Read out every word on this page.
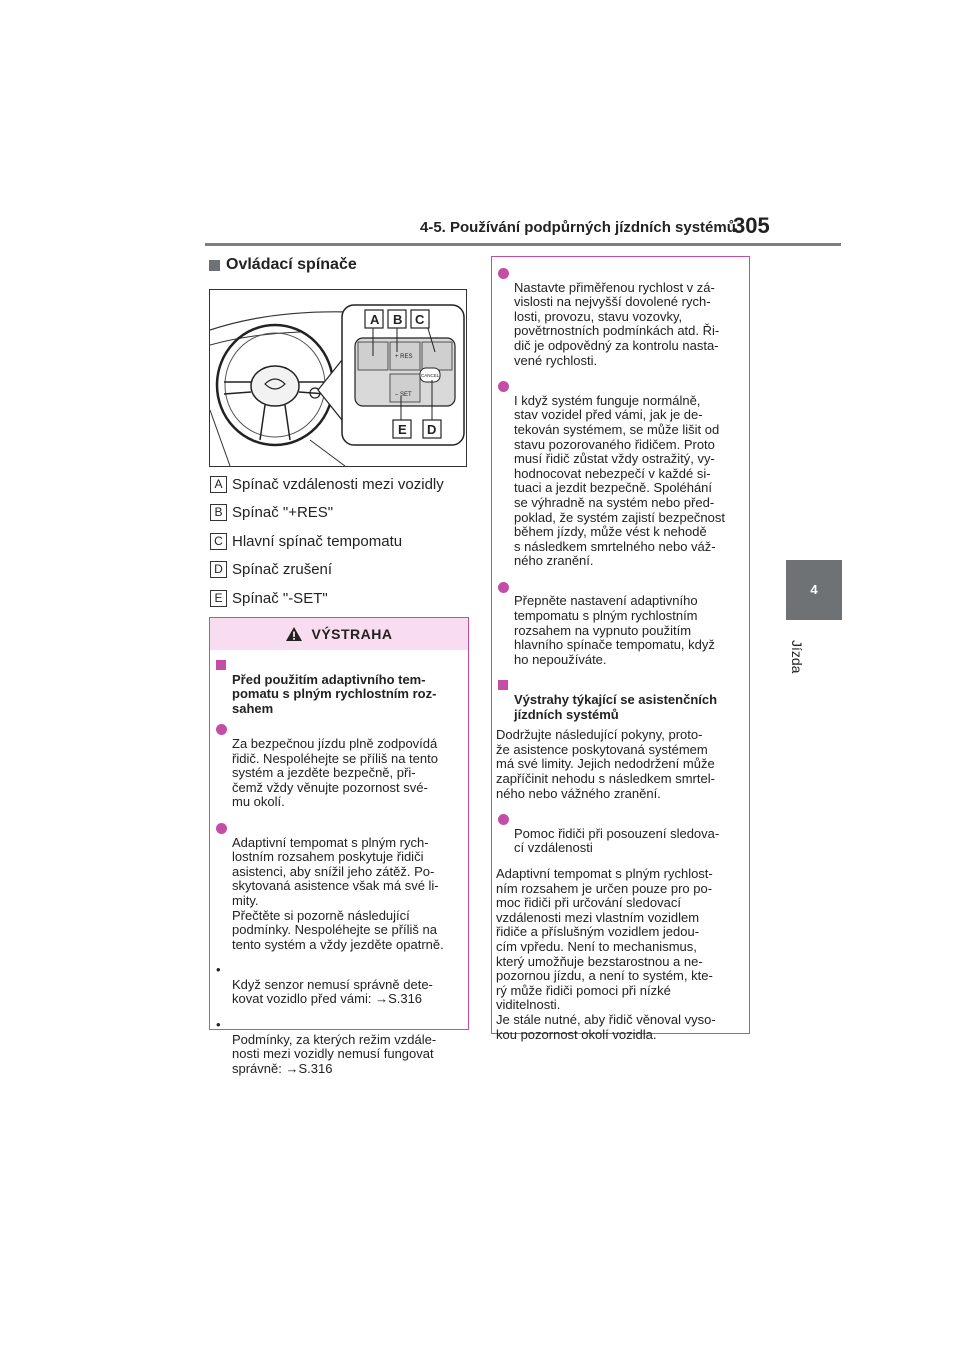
4-5. Používání podpůrných jízdních systémů
305
4
Jízda
Ovládací spínače
+ RES
– SET
CANCEL
A B C
E D
A Spínač vzdálenosti mezi vozidly
B Spínač "+RES"
C Hlavní spínač tempomatu
D Spínač zrušení
E Spínač "-SET"
VÝSTRAHA

Před použitím adaptivního tem-
pomatu s plným rychlostním roz-
sahem

Za bezpečnou jízdu plně zodpovídá
řidič. Nespoléhejte se příliš na tento
systém a jezděte bezpečně, při-
čemž vždy věnujte pozornost své-
mu okolí.

Adaptivní tempomat s plným rych-
lostním rozsahem poskytuje řidiči
asistenci, aby snížil jeho zátěž. Po-
skytovaná asistence však má své li-
mity.
Přečtěte si pozorně následující
podmínky. Nespoléhejte se příliš na
tento systém a vždy jezděte opatrně.

•
Když senzor nemusí správně dete-
kovat vozidlo před vámi: →S.316

•
Podmínky, za kterých režim vzdále-
nosti mezi vozidly nemusí fungovat
správně: →S.316

Nastavte přiměřenou rychlost v zá-
vislosti na nejvyšší dovolené rych-
losti, provozu, stavu vozovky,
povětrnostních podmínkách atd. Ři-
dič je odpovědný za kontrolu nasta-
vené rychlosti.

I když systém funguje normálně,
stav vozidel před vámi, jak je de-
tekován systémem, se může lišit od
stavu pozorovaného řidičem. Proto
musí řidič zůstat vždy ostražitý, vy-
hodnocovat nebezpečí v každé si-
tuaci a jezdit bezpečně. Spoléhání
se výhradně na systém nebo před-
poklad, že systém zajistí bezpečnost
během jízdy, může vést k nehodě
s následkem smrtelného nebo váž-
ného zranění.

Přepněte nastavení adaptivního
tempomatu s plným rychlostním
rozsahem na vypnuto použitím
hlavního spínače tempomatu, když
ho nepoužíváte.

Výstrahy týkající se asistenčních
jízdních systémů

Dodržujte následující pokyny, proto-
že asistence poskytovaná systémem
má své limity. Jejich nedodržení může
zapříčinit nehodu s následkem smrtel-
ného nebo vážného zranění.

Pomoc řidiči při posouzení sledova-
cí vzdálenosti

Adaptivní tempomat s plným rychlost-
ním rozsahem je určen pouze pro po-
moc řidiči při určování sledovací
vzdálenosti mezi vlastním vozidlem
řidiče a příslušným vozidlem jedou-
cím vpředu. Není to mechanismus,
který umožňuje bezstarostnou a ne-
pozornou jízdu, a není to systém, kte-
rý může řidiči pomoci při nízké
viditelnosti.
Je stále nutné, aby řidič věnoval vyso-
kou pozornost okolí vozidla.
